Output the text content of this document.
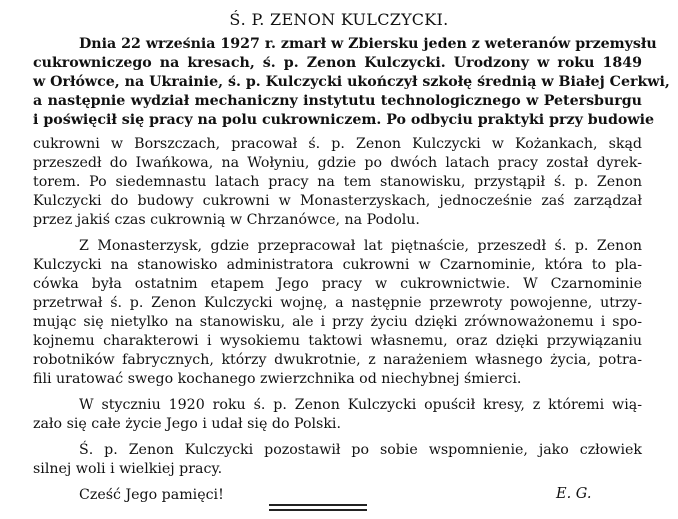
Ś. P. ZENON KULCZYCKI.
Dnia 22 września 1927 r. zmarł w Zbiersku jeden z weteranów przemysłu
cukrowniczego na kresach, ś. p. Zenon Kulczycki. Urodzony w roku 1849
w Orłówce, na Ukrainie, ś. p. Kulczycki ukończył szkołę średnią w Białej Cerkwi,
a następnie wydział mechaniczny instytutu technologicznego w Petersburgu
i poświęcił się pracy na polu cukrowniczem. Po odbyciu praktyki przy budowie
cukrowni w Borszczach, pracował ś. p. Zenon Kulczycki w Kożankach, skąd
przeszedł do Iwańkowa, na Wołyniu, gdzie po dwóch latach pracy został dyrek-
torem. Po siedemnastu latach pracy na tem stanowisku, przystąpił ś. p. Zenon
Kulczycki do budowy cukrowni w Monasterzyskach, jednocześnie zaś zarządzał
przez jakiś czas cukrownią w Chrzanówce, na Podolu.
Z Monasterzysk, gdzie przepracował lat piętnaście, przeszedł ś. p. Zenon
Kulczycki na stanowisko administratora cukrowni w Czarnominie, która to pla-
cówka była ostatnim etapem Jego pracy w cukrownictwie. W Czarnominie
przetrwał ś. p. Zenon Kulczycki wojnę, a następnie przewroty powojenne, utrzy-
mując się nietylko na stanowisku, ale i przy życiu dzięki zrównoważonemu i spo-
kojnemu charakterowi i wysokiemu taktowi własnemu, oraz dzięki przywiązaniu
robotników fabrycznych, którzy dwukrotnie, z narażeniem własnego życia, potra-
fili uratować swego kochanego zwierzchnika od niechybnej śmierci.
W styczniu 1920 roku ś. p. Zenon Kulczycki opuścił kresy, z któremi wią-
zało się całe życie Jego i udał się do Polski.
Ś. p. Zenon Kulczycki pozostawił po sobie wspomnienie, jako człowiek
silnej woli i wielkiej pracy.
Cześć Jego pamięci!	E. G.
